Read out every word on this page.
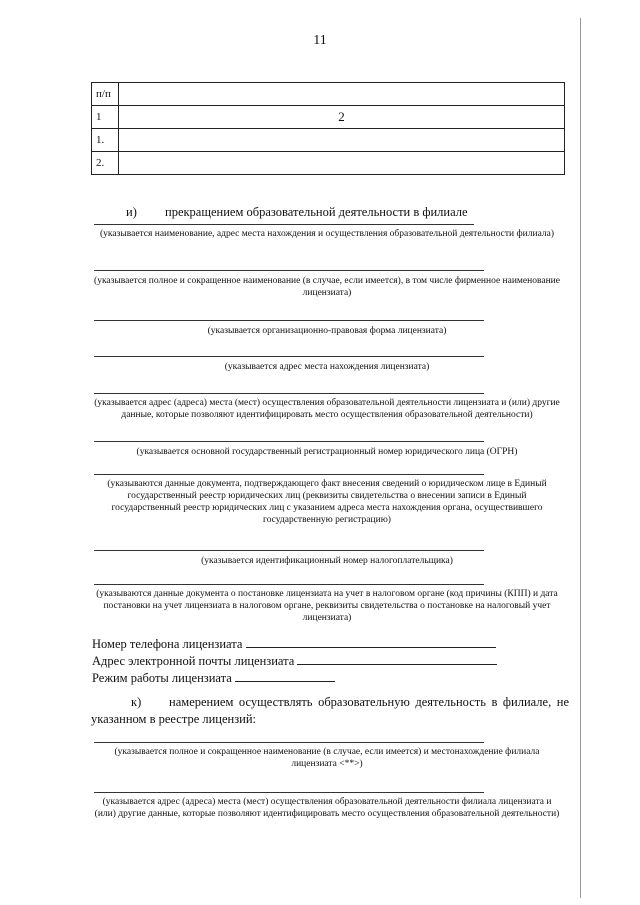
11
п/п	
1	2
1.	
2.	
и) прекращением образовательной деятельности в филиале
(указывается наименование, адрес места нахождения и осуществления образовательной деятельности филиала)
(указывается полное и сокращенное наименование (в случае, если имеется), в том числе фирменное наименование лицензиата)
(указывается организационно-правовая форма лицензиата)
(указывается адрес места нахождения лицензиата)
(указывается адрес (адреса) места (мест) осуществления образовательной деятельности лицензиата и (или) другие данные, которые позволяют идентифицировать место осуществления образовательной деятельности)
(указывается основной государственный регистрационный номер юридического лица (ОГРН)
(указываются данные документа, подтверждающего факт внесения сведений о юридическом лице в Единый государственный реестр юридических лиц (реквизиты свидетельства о внесении записи в Единый государственный реестр юридических лиц с указанием адреса места нахождения органа, осуществившего государственную регистрацию)
(указывается идентификационный номер налогоплательщика)
(указываются данные документа о постановке лицензиата на учет в налоговом органе (код причины (КПП) и дата постановки на учет лицензиата в налоговом органе, реквизиты свидетельства о постановке на налоговый учет лицензиата)
Номер телефона лицензиата
Адрес электронной почты лицензиата
Режим работы лицензиата
к) намерением осуществлять образовательную деятельность в филиале, не указанном в реестре лицензий:
(указывается полное и сокращенное наименование (в случае, если имеется) и местонахождение филиала лицензиата <**>)
(указывается адрес (адреса) места (мест) осуществления образовательной деятельности филиала лицензиата и (или) другие данные, которые позволяют идентифицировать место осуществления образовательной деятельности)
